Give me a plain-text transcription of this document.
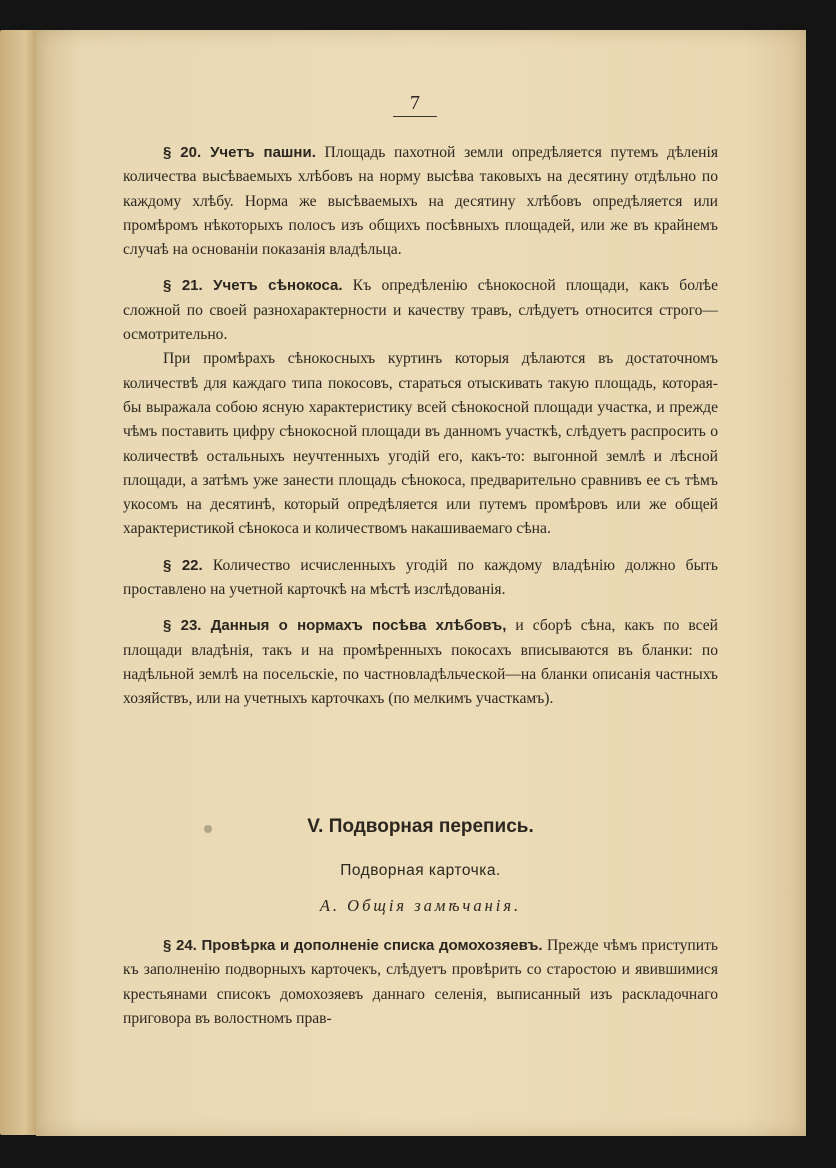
7

§ 20. Учетъ пашни. Площадь пахотной земли опредѣляется путемъ дѣленія количества высѣваемыхъ хлѣбовъ на норму высѣва таковыхъ на десятину отдѣльно по каждому хлѣбу. Норма же высѣваемыхъ на десятину хлѣбовъ опредѣляется или промѣромъ нѣкоторыхъ полосъ изъ общихъ посѣвныхъ площадей, или же въ крайнемъ случаѣ на основаніи показанія владѣльца.

§ 21. Учетъ сѣнокоса. Къ опредѣленію сѣнокосной площади, какъ болѣе сложной по своей разнохарактерности и качеству травъ, слѣдуетъ относится строго—осмотрительно.

При промѣрахъ сѣнокосныхъ куртинъ которыя дѣлаются въ достаточномъ количествѣ для каждаго типа покосовъ, стараться отыскивать такую площадь, которая-бы выражала собою ясную характеристику всей сѣнокосной площади участка, и прежде чѣмъ поставить цифру сѣнокосной площади въ данномъ участкѣ, слѣдуетъ распросить о количествѣ остальныхъ неучтенныхъ угодій его, какъ-то: выгонной землѣ и лѣсной площади, а затѣмъ уже занести площадь сѣнокоса, предварительно сравнивъ ее съ тѣмъ укосомъ на десятинѣ, который опредѣляется или путемъ промѣровъ или же общей характеристикой сѣнокоса и количествомъ накашиваемаго сѣна.

§ 22. Количество исчисленныхъ угодій по каждому владѣнію должно быть проставлено на учетной карточкѣ на мѣстѣ изслѣдованія.

§ 23. Данныя о нормахъ посѣва хлѣбовъ, и сборѣ сѣна, какъ по всей площади владѣнія, такъ и на промѣренныхъ покосахъ вписываются въ бланки: по надѣльной землѣ на посельскіе, по частновладѣльческой—на бланки описанія частныхъ хозяйствъ, или на учетныхъ карточкахъ (по мелкимъ участкамъ).

V. Подворная перепись.
Подворная карточка.
А. Общія замѣчанія.

§ 24. Провѣрка и дополненіе списка домохозяевъ. Прежде чѣмъ приступить къ заполненію подворныхъ карточекъ, слѣдуетъ провѣрить со старостою и явившимися крестьянами списокъ домохозяевъ даннаго селенія, выписанный изъ раскладочнаго приговора въ волостномъ прав-
